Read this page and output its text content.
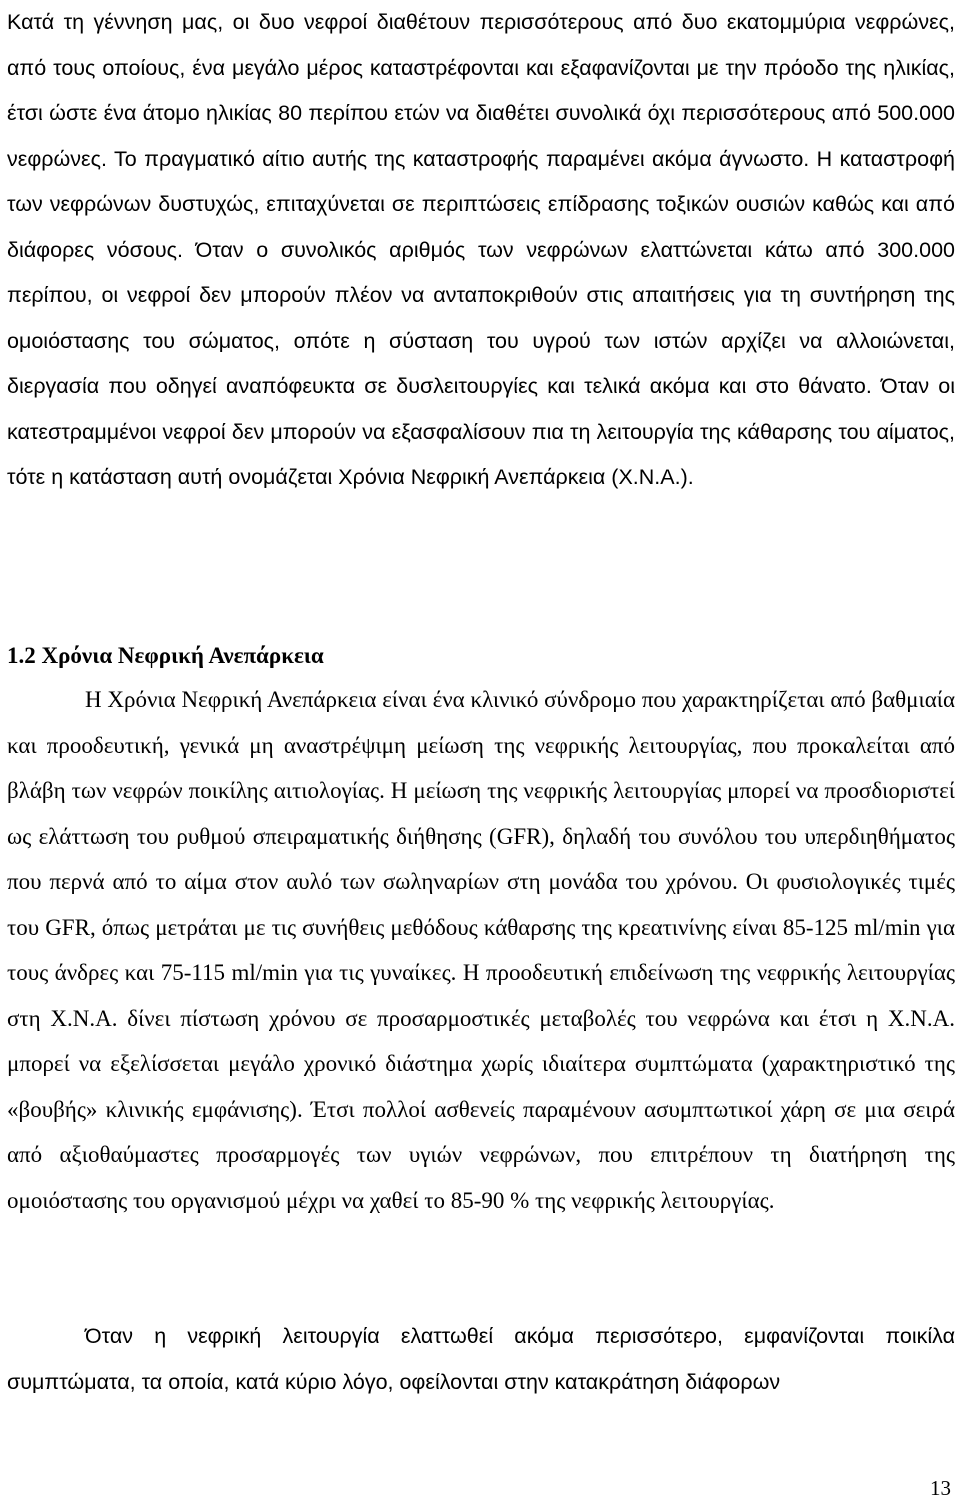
Κατά τη γέννηση μας, οι δυο νεφροί διαθέτουν περισσότερους από δυο εκατομμύρια νεφρώνες, από τους οποίους, ένα μεγάλο μέρος καταστρέφονται και εξαφανίζονται με την πρόοδο της ηλικίας, έτσι ώστε ένα άτομο ηλικίας 80 περίπου ετών να διαθέτει συνολικά όχι περισσότερους από 500.000 νεφρώνες. Το πραγματικό αίτιο αυτής της καταστροφής παραμένει ακόμα άγνωστο. Η καταστροφή των νεφρώνων δυστυχώς, επιταχύνεται σε περιπτώσεις επίδρασης τοξικών ουσιών καθώς και από διάφορες νόσους. Όταν ο συνολικός αριθμός των νεφρώνων ελαττώνεται κάτω από 300.000 περίπου, οι νεφροί δεν μπορούν πλέον να ανταποκριθούν στις απαιτήσεις για τη συντήρηση της ομοιόστασης του σώματος, οπότε η σύσταση του υγρού των ιστών αρχίζει να αλλοιώνεται, διεργασία που οδηγεί αναπόφευκτα σε δυσλειτουργίες και τελικά ακόμα και στο θάνατο. Όταν οι κατεστραμμένοι νεφροί δεν μπορούν να εξασφαλίσουν πια τη λειτουργία της κάθαρσης του αίματος, τότε η κατάσταση αυτή ονομάζεται Χρόνια Νεφρική Ανεπάρκεια (Χ.Ν.Α.).

1.2 Χρόνια Νεφρική Ανεπάρκεια

Η Χρόνια Νεφρική Ανεπάρκεια είναι ένα κλινικό σύνδρομο που χαρακτηρίζεται από βαθμιαία και προοδευτική, γενικά μη αναστρέψιμη μείωση της νεφρικής λειτουργίας, που προκαλείται από βλάβη των νεφρών ποικίλης αιτιολογίας. Η μείωση της νεφρικής λειτουργίας μπορεί να προσδιοριστεί ως ελάττωση του ρυθμού σπειραματικής διήθησης (GFR), δηλαδή του συνόλου του υπερδιηθήματος που περνά από το αίμα στον αυλό των σωληναρίων στη μονάδα του χρόνου. Οι φυσιολογικές τιμές του GFR, όπως μετράται με τις συνήθεις μεθόδους κάθαρσης της κρεατινίνης είναι 85-125 ml/min για τους άνδρες και 75-115 ml/min για τις γυναίκες. Η προοδευτική επιδείνωση της νεφρικής λειτουργίας στη Χ.Ν.Α. δίνει πίστωση χρόνου σε προσαρμοστικές μεταβολές του νεφρώνα και έτσι η Χ.Ν.Α. μπορεί να εξελίσσεται μεγάλο χρονικό διάστημα χωρίς ιδιαίτερα συμπτώματα (χαρακτηριστικό της «βουβής» κλινικής εμφάνισης). Έτσι πολλοί ασθενείς παραμένουν ασυμπτωτικοί χάρη σε μια σειρά από αξιοθαύμαστες προσαρμογές των υγιών νεφρώνων, που επιτρέπουν τη διατήρηση της ομοιόστασης του οργανισμού μέχρι να χαθεί το 85-90 % της νεφρικής λειτουργίας.

Όταν η νεφρική λειτουργία ελαττωθεί ακόμα περισσότερο, εμφανίζονται ποικίλα συμπτώματα, τα οποία, κατά κύριο λόγο, οφείλονται στην κατακράτηση διάφορων

13
